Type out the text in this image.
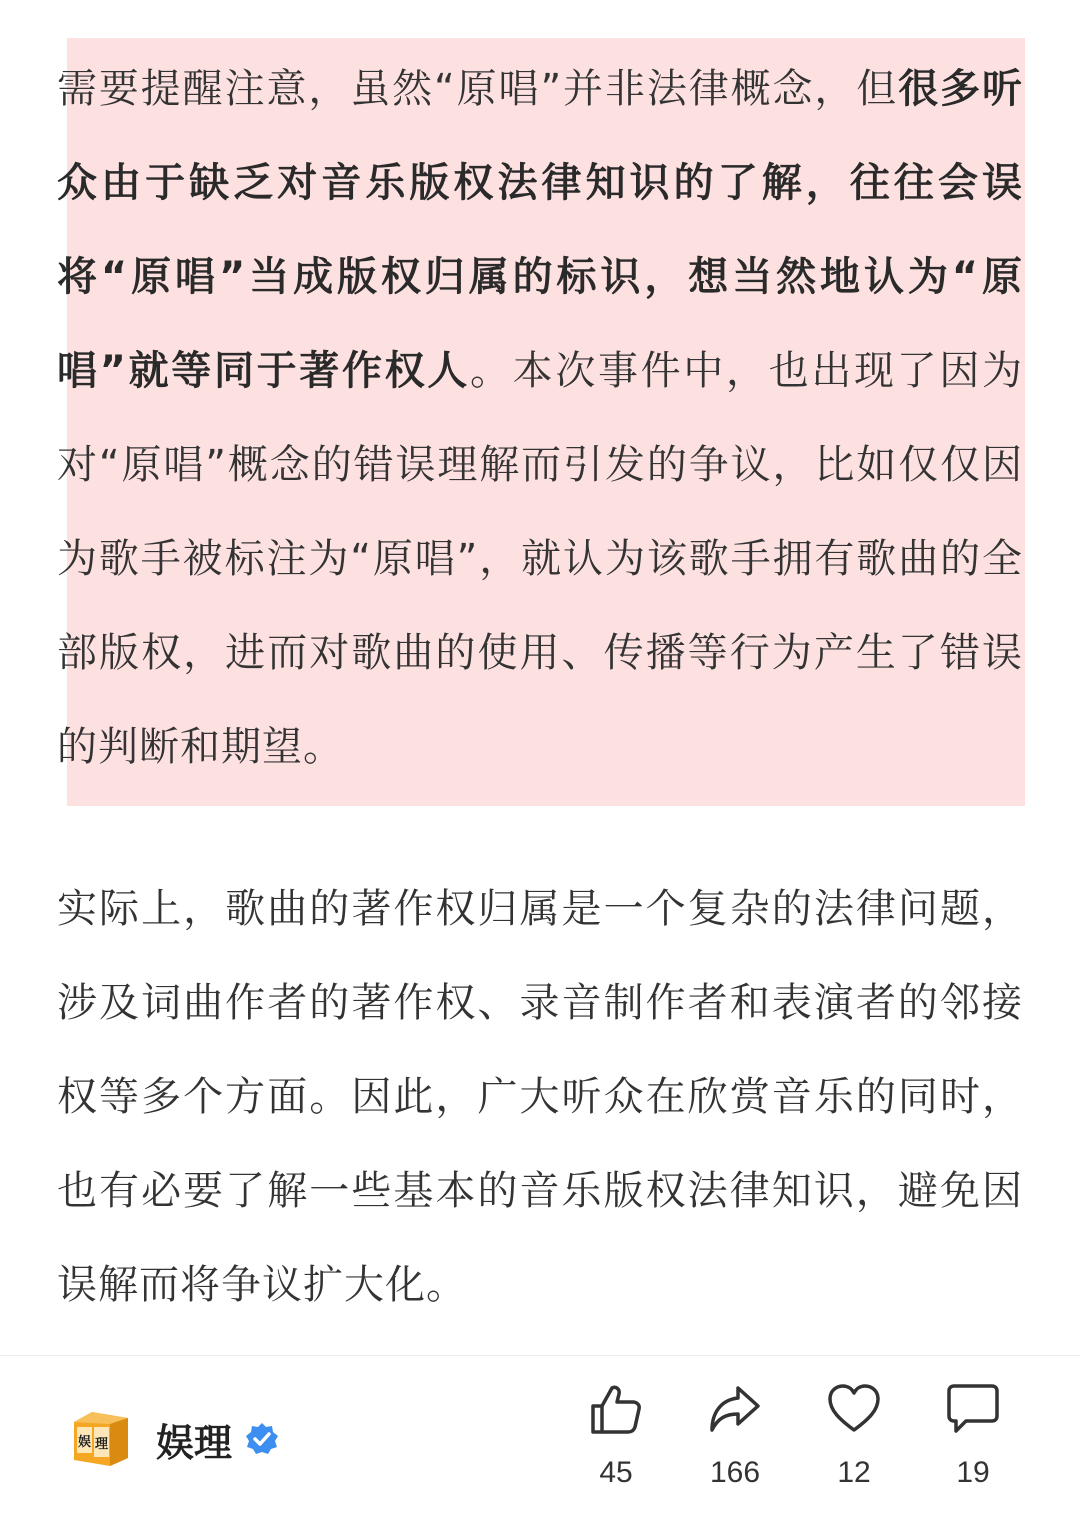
需要提醒注意，虽然“原唱”并非法律概念，但很多听众由于缺乏对音乐版权法律知识的了解，往往会误将“原唱”当成版权归属的标识，想当然地认为“原唱”就等同于著作权人。本次事件中，也出现了因为对“原唱”概念的错误理解而引发的争议，比如仅仅因为歌手被标注为“原唱”，就认为该歌手拥有歌曲的全部版权，进而对歌曲的使用、传播等行为产生了错误的判断和期望。

实际上，歌曲的著作权归属是一个复杂的法律问题，涉及词曲作者的著作权、录音制作者和表演者的邻接权等多个方面。因此，广大听众在欣赏音乐的同时，也有必要了解一些基本的音乐版权法律知识，避免因误解而将争议扩大化。

娱 理 娱理
45	166	12	19
